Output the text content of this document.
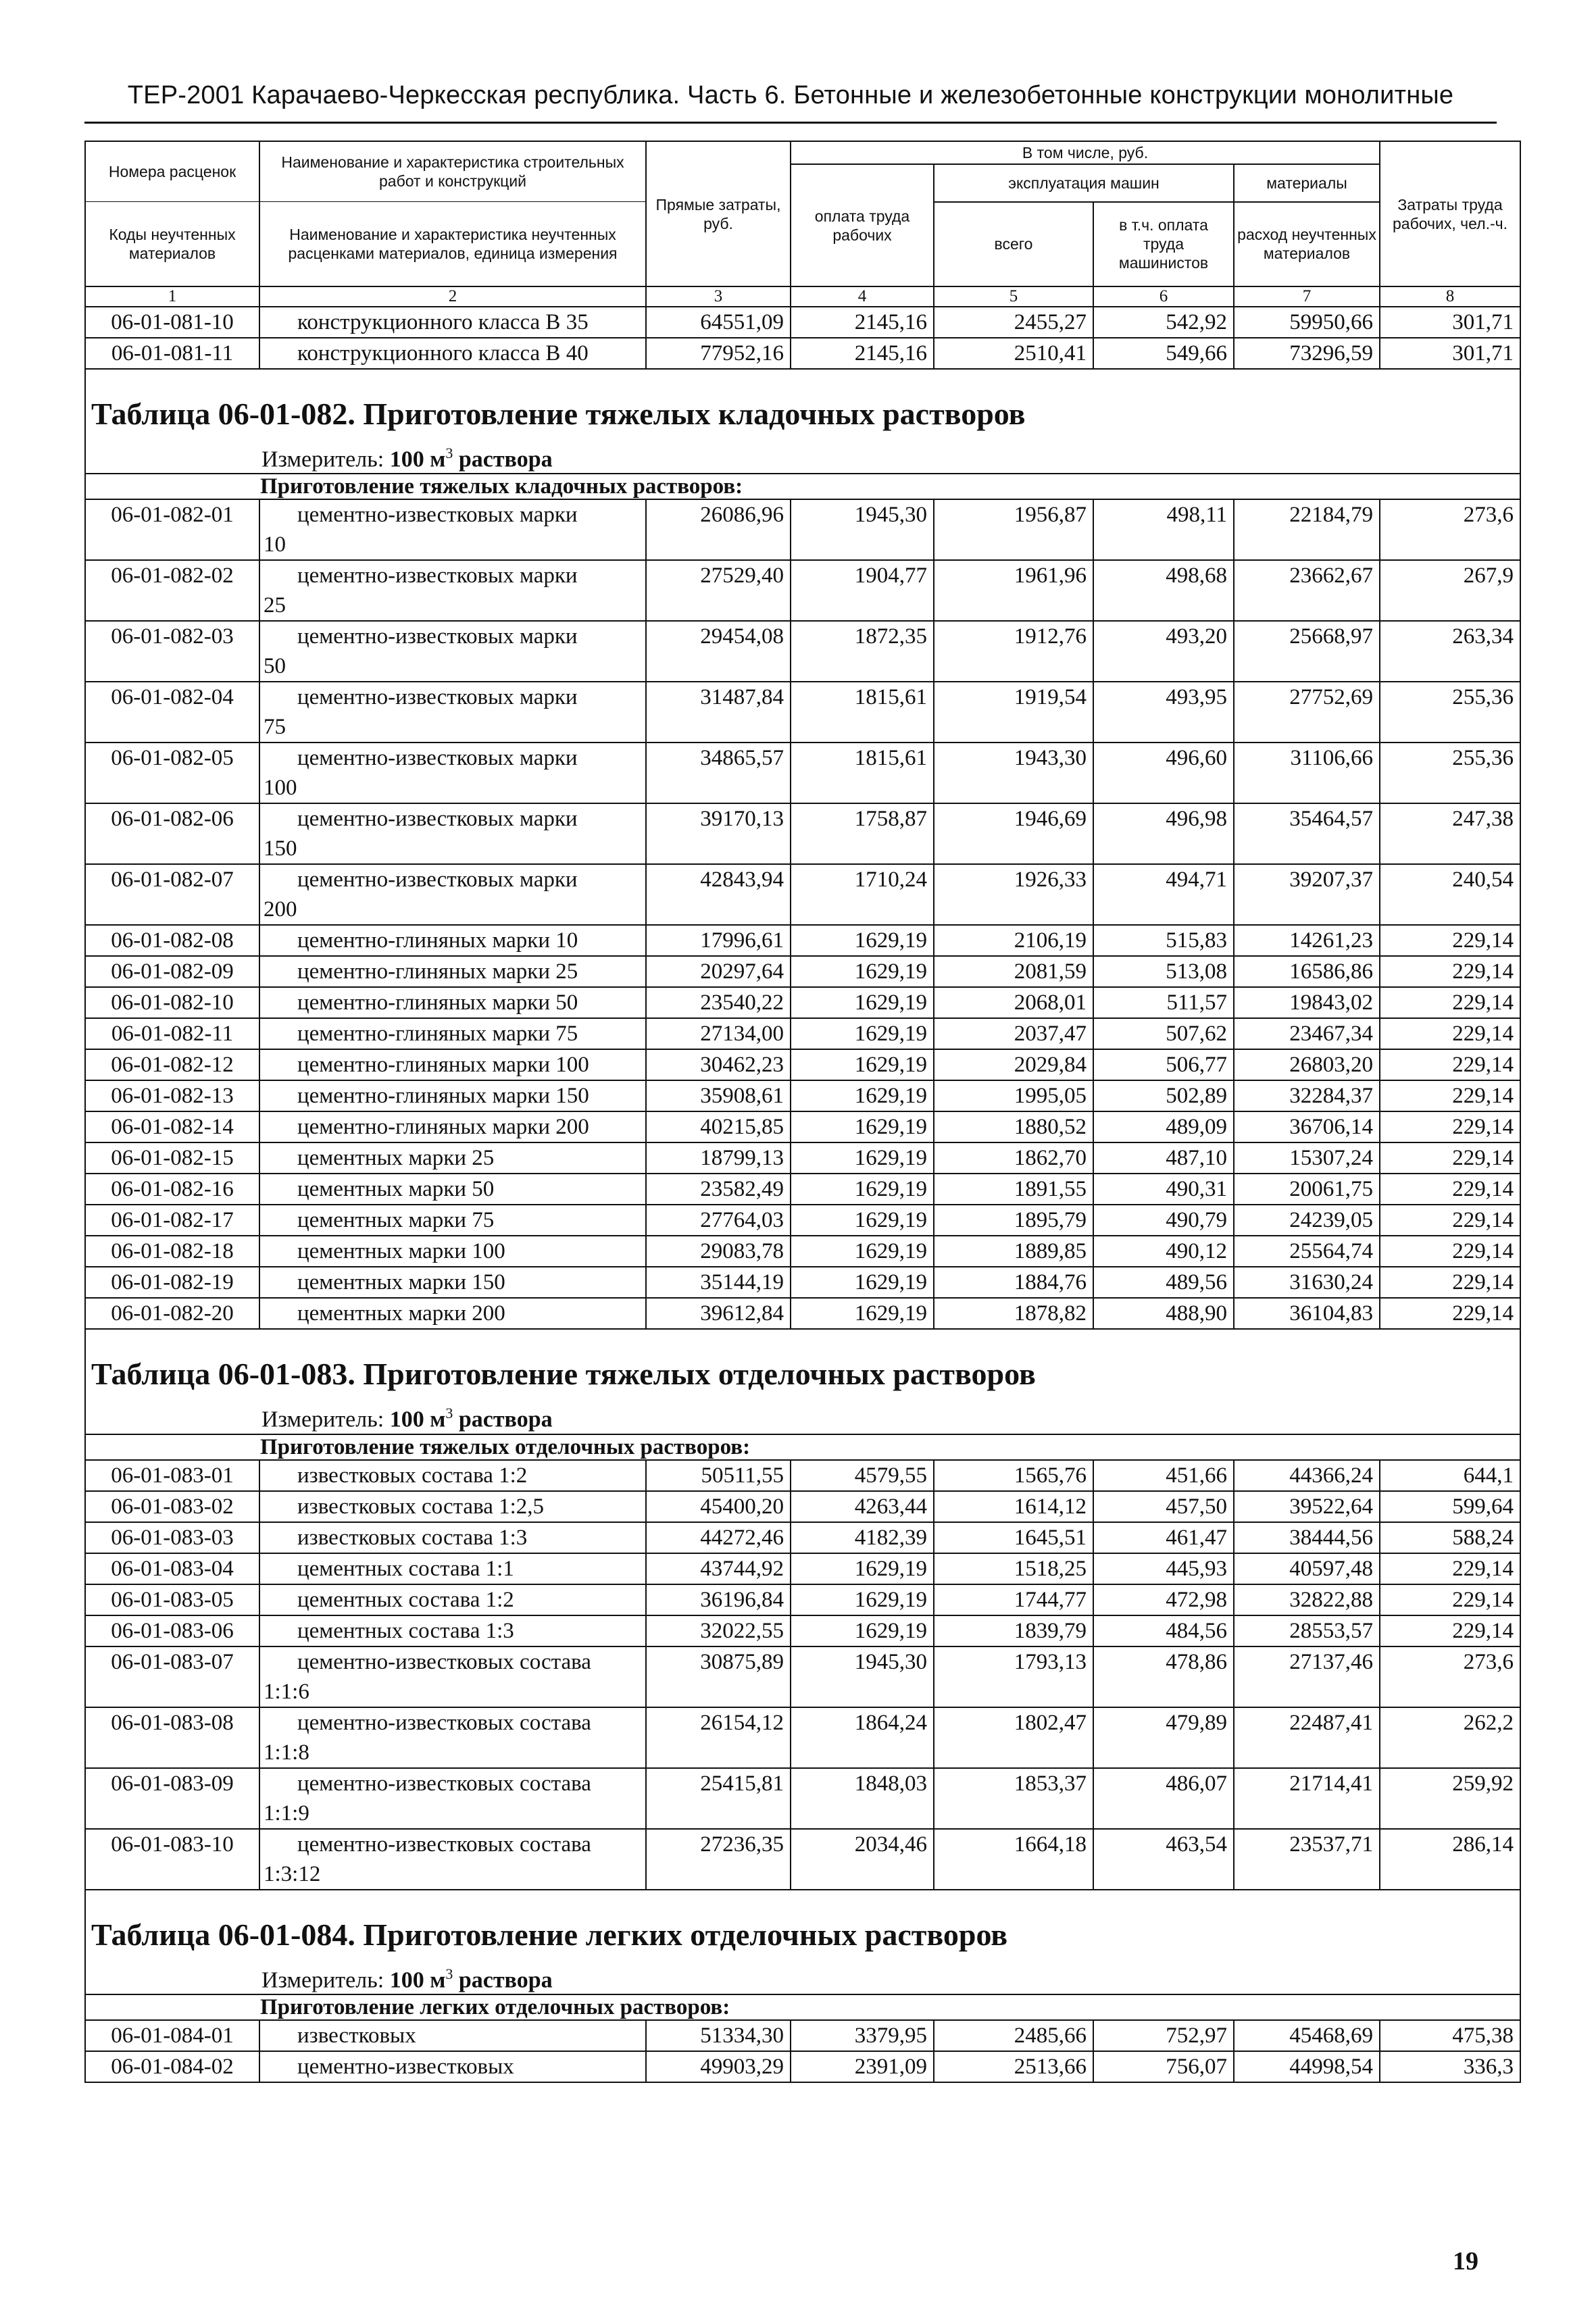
ТЕР-2001 Карачаево-Черкесская республика. Часть 6. Бетонные и железобетонные конструкции монолитные
Номера расценок	Наименование и характеристика строительных работ и конструкций	Прямые затраты, руб.	В том числе, руб.				Затраты труда рабочих, чел.-ч.
			оплата труда рабочих	эксплуатация машин		материалы	
Коды неучтенных материалов	Наименование и характеристика неучтенных расценками материалов, единица измерения			всего	в т.ч. оплата труда машинистов	расход неучтенных материалов	

1	2	3	4	5	6	7	8
06-01-081-10	конструкционного класса В 35	64551,09	2145,16	2455,27	542,92	59950,66	301,71
06-01-081-11	конструкционного класса В 40	77952,16	2145,16	2510,41	549,66	73296,59	301,71

Таблица 06-01-082. Приготовление тяжелых кладочных растворов
Измеритель: 100 $м^3$ раствора							

Приготовление тяжелых кладочных растворов:							
06-01-082-01	цементно-известковых марки
10	26086,96	1945,30	1956,87	498,11	22184,79	273,6
06-01-082-02	цементно-известковых марки
25	27529,40	1904,77	1961,96	498,68	23662,67	267,9
06-01-082-03	цементно-известковых марки
50	29454,08	1872,35	1912,76	493,20	25668,97	263,34
06-01-082-04	цементно-известковых марки
75	31487,84	1815,61	1919,54	493,95	27752,69	255,36
06-01-082-05	цементно-известковых марки
100	34865,57	1815,61	1943,30	496,60	31106,66	255,36
06-01-082-06	цементно-известковых марки
150	39170,13	1758,87	1946,69	496,98	35464,57	247,38
06-01-082-07	цементно-известковых марки
200	42843,94	1710,24	1926,33	494,71	39207,37	240,54
06-01-082-08	цементно-глиняных марки 10	17996,61	1629,19	2106,19	515,83	14261,23	229,14
06-01-082-09	цементно-глиняных марки 25	20297,64	1629,19	2081,59	513,08	16586,86	229,14
06-01-082-10	цементно-глиняных марки 50	23540,22	1629,19	2068,01	511,57	19843,02	229,14
06-01-082-11	цементно-глиняных марки 75	27134,00	1629,19	2037,47	507,62	23467,34	229,14
06-01-082-12	цементно-глиняных марки 100	30462,23	1629,19	2029,84	506,77	26803,20	229,14
06-01-082-13	цементно-глиняных марки 150	35908,61	1629,19	1995,05	502,89	32284,37	229,14
06-01-082-14	цементно-глиняных марки 200	40215,85	1629,19	1880,52	489,09	36706,14	229,14
06-01-082-15	цементных марки 25	18799,13	1629,19	1862,70	487,10	15307,24	229,14
06-01-082-16	цементных марки 50	23582,49	1629,19	1891,55	490,31	20061,75	229,14
06-01-082-17	цементных марки 75	27764,03	1629,19	1895,79	490,79	24239,05	229,14
06-01-082-18	цементных марки 100	29083,78	1629,19	1889,85	490,12	25564,74	229,14
06-01-082-19	цементных марки 150	35144,19	1629,19	1884,76	489,56	31630,24	229,14
06-01-082-20	цементных марки 200	39612,84	1629,19	1878,82	488,90	36104,83	229,14

Таблица 06-01-083. Приготовление тяжелых отделочных растворов
Измеритель: 100 $м^3$ раствора							

Приготовление тяжелых отделочных растворов:							
06-01-083-01	известковых состава 1:2	50511,55	4579,55	1565,76	451,66	44366,24	644,1
06-01-083-02	известковых состава 1:2,5	45400,20	4263,44	1614,12	457,50	39522,64	599,64
06-01-083-03	известковых состава 1:3	44272,46	4182,39	1645,51	461,47	38444,56	588,24
06-01-083-04	цементных состава 1:1	43744,92	1629,19	1518,25	445,93	40597,48	229,14
06-01-083-05	цементных состава 1:2	36196,84	1629,19	1744,77	472,98	32822,88	229,14
06-01-083-06	цементных состава 1:3	32022,55	1629,19	1839,79	484,56	28553,57	229,14
06-01-083-07	цементно-известковых состава
1:1:6	30875,89	1945,30	1793,13	478,86	27137,46	273,6
06-01-083-08	цементно-известковых состава
1:1:8	26154,12	1864,24	1802,47	479,89	22487,41	262,2
06-01-083-09	цементно-известковых состава
1:1:9	25415,81	1848,03	1853,37	486,07	21714,41	259,92
06-01-083-10	цементно-известковых состава
1:3:12	27236,35	2034,46	1664,18	463,54	23537,71	286,14

Таблица 06-01-084. Приготовление легких отделочных растворов
Измеритель: 100 $м^3$ раствора							

Приготовление легких отделочных растворов:							
06-01-084-01	известковых	51334,30	3379,95	2485,66	752,97	45468,69	475,38
06-01-084-02	цементно-известковых	49903,29	2391,09	2513,66	756,07	44998,54	336,3
19
